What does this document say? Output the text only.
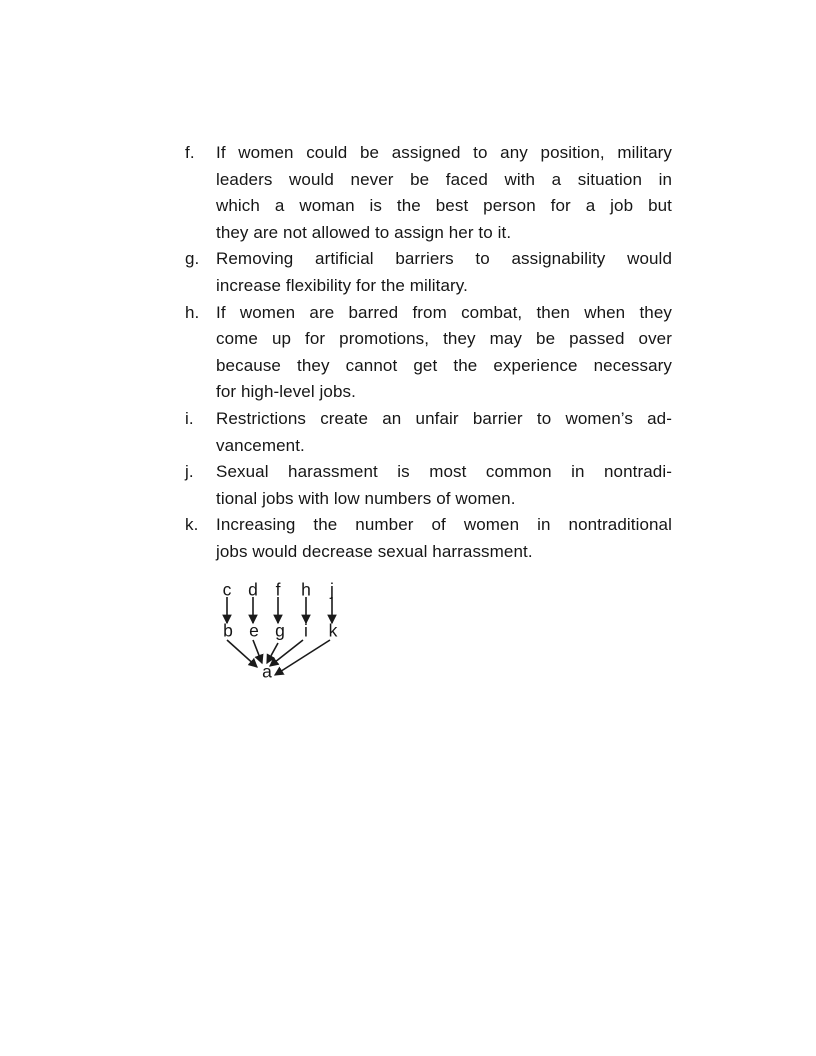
f.	If women could be assigned to any position, military
leaders would never be faced with a situation in
which a woman is the best person for a job but
they are not allowed to assign her to it.
g. Removing artificial barriers to assignability would
increase flexibility for the military.
h. If women are barred from combat, then when they
come up for promotions, they may be passed over
because they cannot get the experience necessary
for high-level jobs.
i.	Restrictions create an unfair barrier to women’s ad-
vancement.
j.	Sexual harassment is most common in nontradi-
tional jobs with low numbers of women.
k.	Increasing the number of women in nontraditional
jobs would decrease sexual harrassment.
c d f h j
b e g i k
a
